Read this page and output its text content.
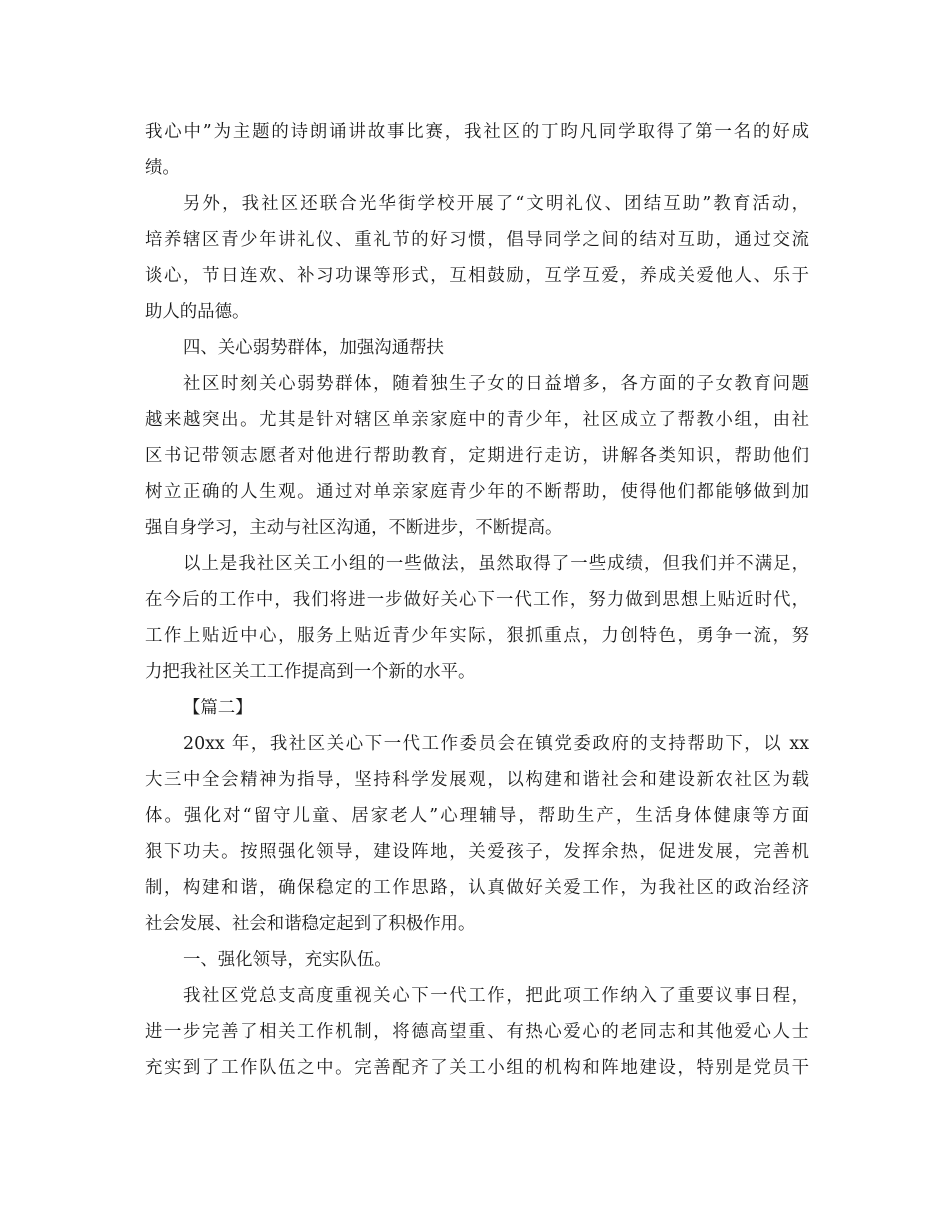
我心中”为主题的诗朗诵讲故事比赛，我社区的丁昀凡同学取得了第一名的好成
绩。
另外，我社区还联合光华街学校开展了“文明礼仪、团结互助”教育活动，
培养辖区青少年讲礼仪、重礼节的好习惯，倡导同学之间的结对互助，通过交流
谈心，节日连欢、补习功课等形式，互相鼓励，互学互爱，养成关爱他人、乐于
助人的品德。
四、关心弱势群体，加强沟通帮扶
社区时刻关心弱势群体，随着独生子女的日益增多，各方面的子女教育问题
越来越突出。尤其是针对辖区单亲家庭中的青少年，社区成立了帮教小组，由社
区书记带领志愿者对他进行帮助教育，定期进行走访，讲解各类知识，帮助他们
树立正确的人生观。通过对单亲家庭青少年的不断帮助，使得他们都能够做到加
强自身学习，主动与社区沟通，不断进步，不断提高。
以上是我社区关工小组的一些做法，虽然取得了一些成绩，但我们并不满足，
在今后的工作中，我们将进一步做好关心下一代工作，努力做到思想上贴近时代，
工作上贴近中心，服务上贴近青少年实际，狠抓重点，力创特色，勇争一流，努
力把我社区关工工作提高到一个新的水平。
【篇二】
20xx 年，我社区关心下一代工作委员会在镇党委政府的支持帮助下，以 xx
大三中全会精神为指导，坚持科学发展观，以构建和谐社会和建设新农社区为载
体。强化对“留守儿童、居家老人”心理辅导，帮助生产，生活身体健康等方面
狠下功夫。按照强化领导，建设阵地，关爱孩子，发挥余热，促进发展，完善机
制，构建和谐，确保稳定的工作思路，认真做好关爱工作，为我社区的政治经济
社会发展、社会和谐稳定起到了积极作用。
一、强化领导，充实队伍。
我社区党总支高度重视关心下一代工作，把此项工作纳入了重要议事日程，
进一步完善了相关工作机制，将德高望重、有热心爱心的老同志和其他爱心人士
充实到了工作队伍之中。完善配齐了关工小组的机构和阵地建设，特别是党员干
